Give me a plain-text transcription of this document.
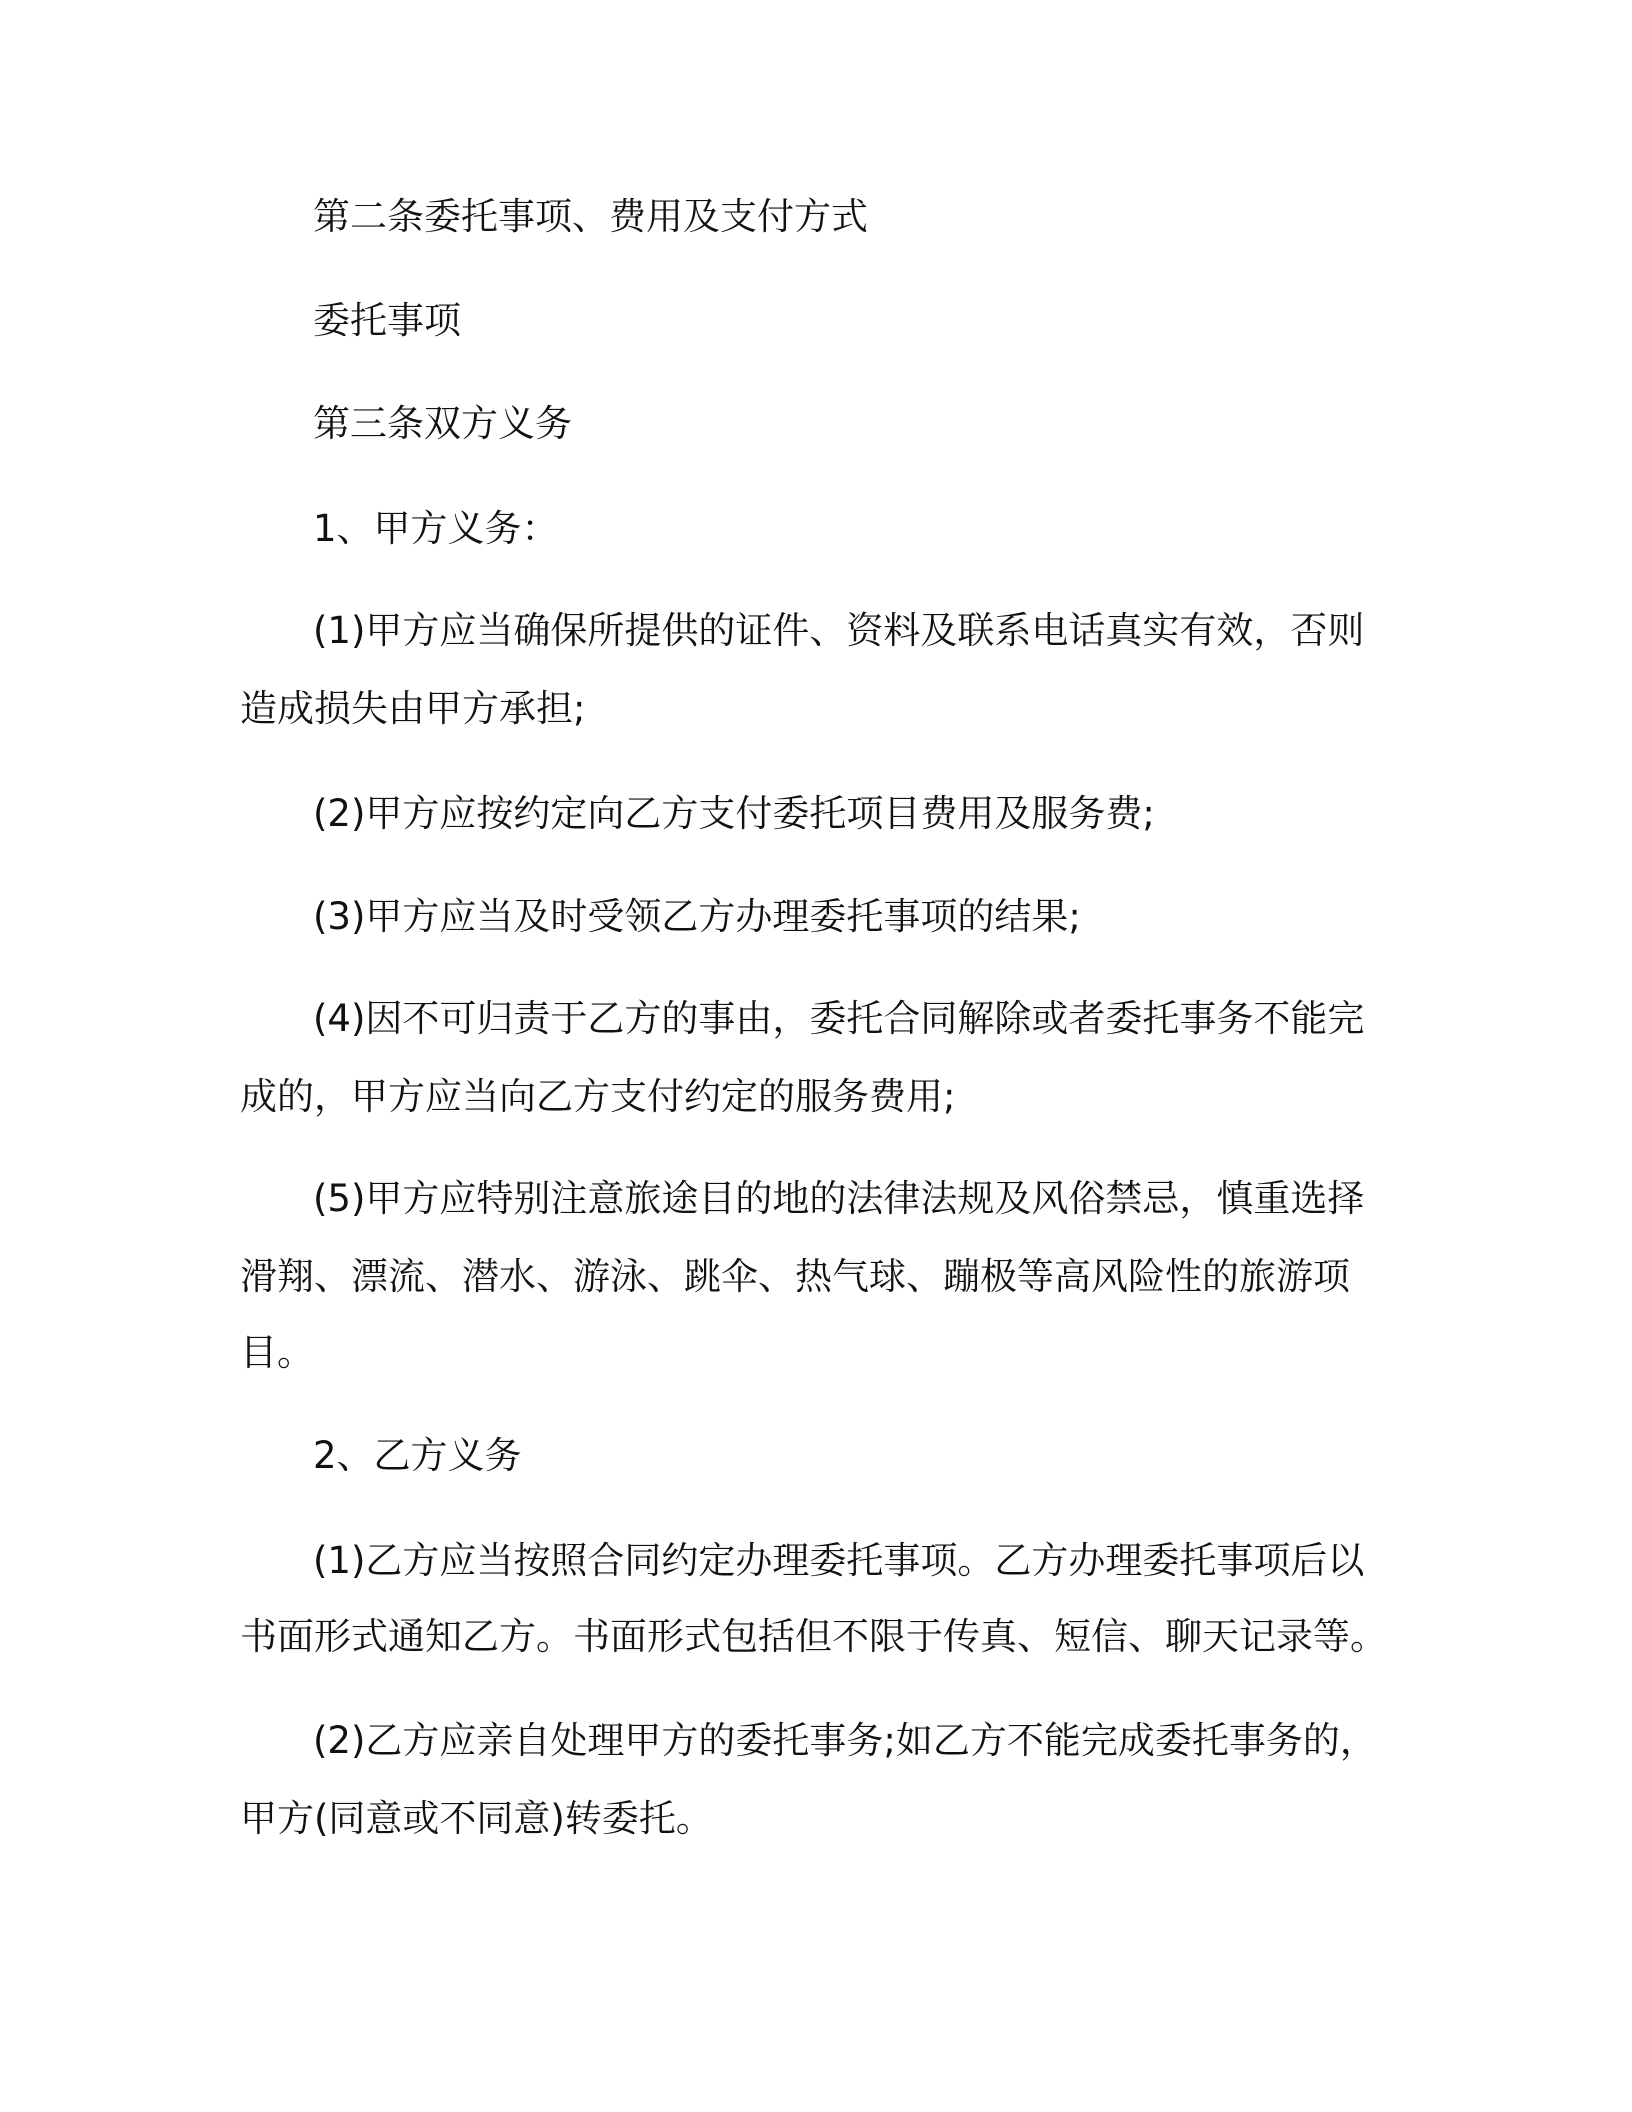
第二条委托事项、费用及支付方式
委托事项
第三条双方义务
1、甲方义务：
(1)甲方应当确保所提供的证件、资料及联系电话真实有效，否则
造成损失由甲方承担;
(2)甲方应按约定向乙方支付委托项目费用及服务费;
(3)甲方应当及时受领乙方办理委托事项的结果;
(4)因不可归责于乙方的事由，委托合同解除或者委托事务不能完
成的，甲方应当向乙方支付约定的服务费用;
(5)甲方应特别注意旅途目的地的法律法规及风俗禁忌，慎重选择
滑翔、漂流、潜水、游泳、跳伞、热气球、蹦极等高风险性的旅游项
目。
2、乙方义务
(1)乙方应当按照合同约定办理委托事项。乙方办理委托事项后以
书面形式通知乙方。书面形式包括但不限于传真、短信、聊天记录等。
(2)乙方应亲自处理甲方的委托事务;如乙方不能完成委托事务的，
甲方(同意或不同意)转委托。
